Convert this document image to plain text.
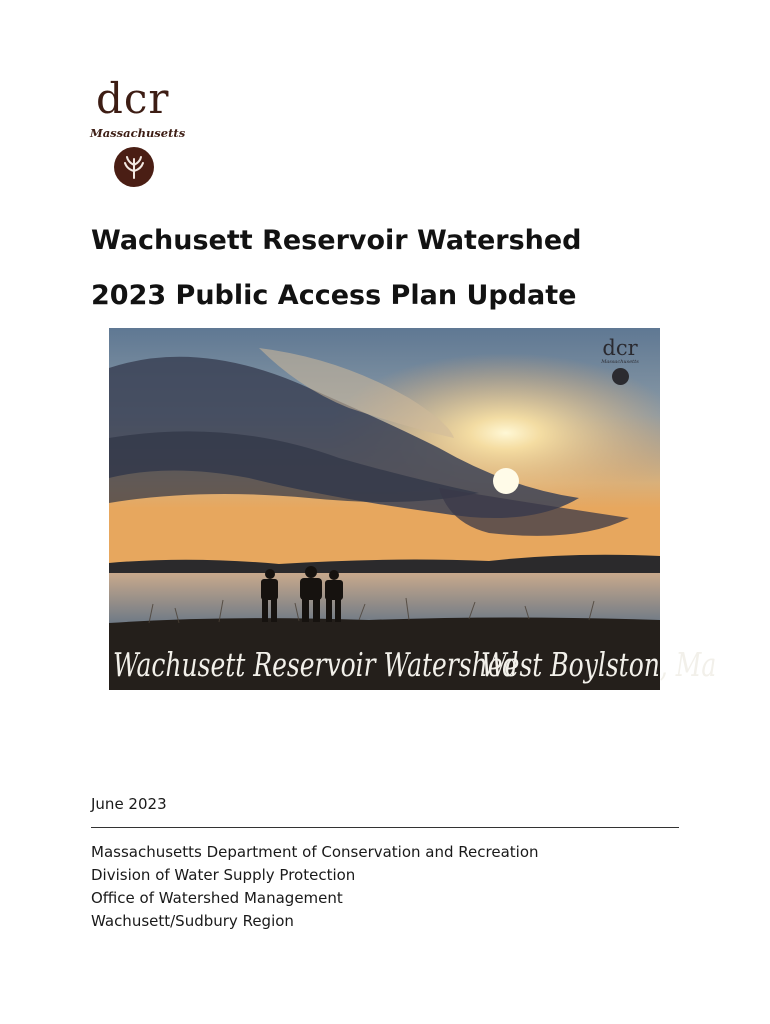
dcr
Massachusetts
Wachusett Reservoir Watershed
2023 Public Access Plan Update
dcr
Massachusetts
Wachusett Reservoir Watershed
West Boylston, Ma
June 2023
Massachusetts Department of Conservation and Recreation
Division of Water Supply Protection
Office of Watershed Management
Wachusett/Sudbury Region
